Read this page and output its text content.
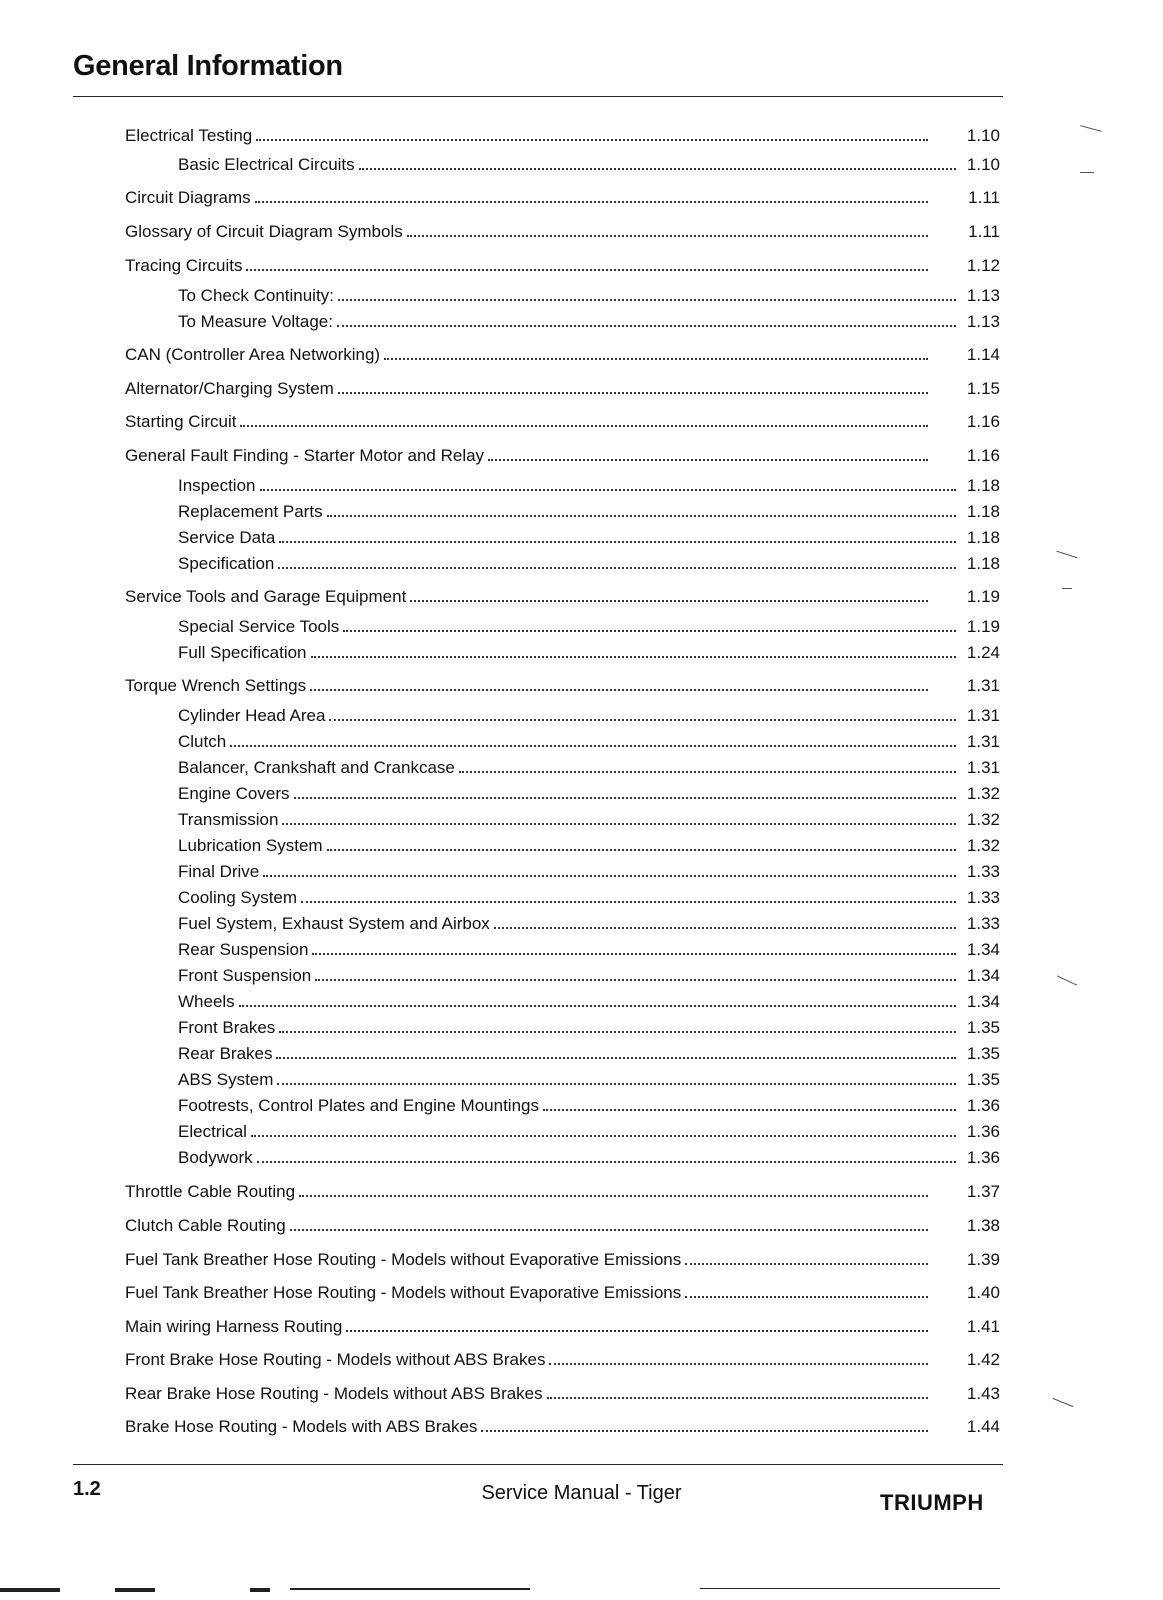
General Information
Electrical Testing	1.10
Basic Electrical Circuits	1.10
Circuit Diagrams	1.11
Glossary of Circuit Diagram Symbols	1.11
Tracing Circuits	1.12
To Check Continuity:	1.13
To Measure Voltage:	1.13
CAN (Controller Area Networking)	1.14
Alternator/Charging System	1.15
Starting Circuit	1.16
General Fault Finding - Starter Motor and Relay	1.16
Inspection	1.18
Replacement Parts	1.18
Service Data	1.18
Specification	1.18
Service Tools and Garage Equipment	1.19
Special Service Tools	1.19
Full Specification	1.24
Torque Wrench Settings	1.31
Cylinder Head Area	1.31
Clutch	1.31
Balancer, Crankshaft and Crankcase	1.31
Engine Covers	1.32
Transmission	1.32
Lubrication System	1.32
Final Drive	1.33
Cooling System	1.33
Fuel System, Exhaust System and Airbox	1.33
Rear Suspension	1.34
Front Suspension	1.34
Wheels	1.34
Front Brakes	1.35
Rear Brakes	1.35
ABS System	1.35
Footrests, Control Plates and Engine Mountings	1.36
Electrical	1.36
Bodywork	1.36
Throttle Cable Routing	1.37
Clutch Cable Routing	1.38
Fuel Tank Breather Hose Routing - Models without Evaporative Emissions	1.39
Fuel Tank Breather Hose Routing - Models without Evaporative Emissions	1.40
Main wiring Harness Routing	1.41
Front Brake Hose Routing - Models without ABS Brakes	1.42
Rear Brake Hose Routing - Models without ABS Brakes	1.43
Brake Hose Routing - Models with ABS Brakes	1.44
1.2	Service Manual - Tiger	TRIUMPH
